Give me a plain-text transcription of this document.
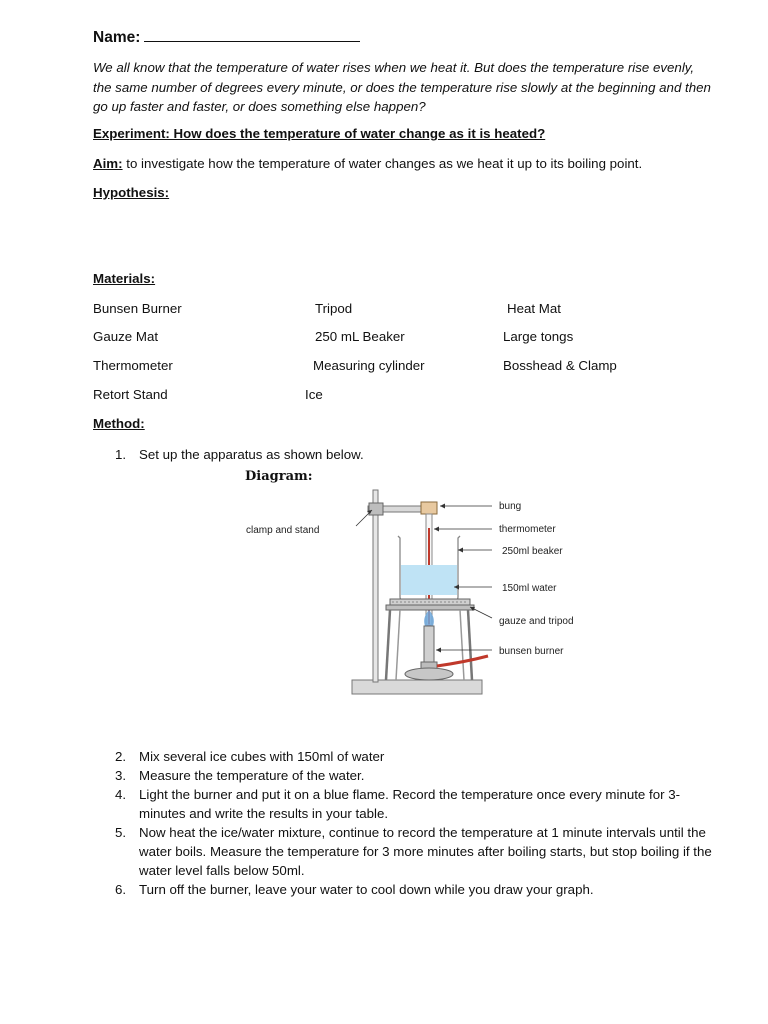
Name:
We all know that the temperature of water rises when we heat it. But does the temperature rise evenly, the same number of degrees every minute, or does the temperature rise slowly at the beginning and then go up faster and faster, or does something else happen?
Experiment: How does the temperature of water change as it is heated?
Aim: to investigate how the temperature of water changes as we heat it up to its boiling point.
Hypothesis:
Materials:
Bunsen Burner	Tripod	Heat Mat
Gauze Mat	250 mL Beaker	Large tongs
Thermometer	Measuring cylinder	Bosshead & Clamp
Retort Stand	Ice
Method:
1. Set up the apparatus as shown below.
Diagram:
clamp and stand
bung
thermometer
250ml beaker
150ml water
gauze and tripod
bunsen burner
2. Mix several ice cubes with 150ml of water
3. Measure the temperature of the water.
4. Light the burner and put it on a blue flame. Record the temperature once every minute for 3-minutes and write the results in your table.
5. Now heat the ice/water mixture, continue to record the temperature at 1 minute intervals until the water boils. Measure the temperature for 3 more minutes after boiling starts, but stop boiling if the water level falls below 50ml.
6. Turn off the burner, leave your water to cool down while you draw your graph.
